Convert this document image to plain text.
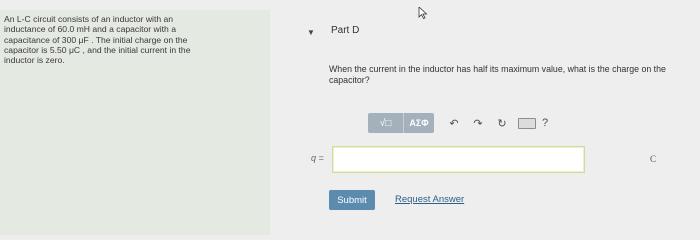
An L-C circuit consists of an inductor with an
inductance of 60.0 mH and a capacitor with a
capacitance of 300 μF . The initial charge on the
capacitor is 5.50 μC , and the initial current in the
inductor is zero.
▼ Part D
When the current in the inductor has half its maximum value, what is the charge on the
capacitor?
√□	ΑΣΦ	↶	↷	↻	?
q =	C
Submit	Request Answer
